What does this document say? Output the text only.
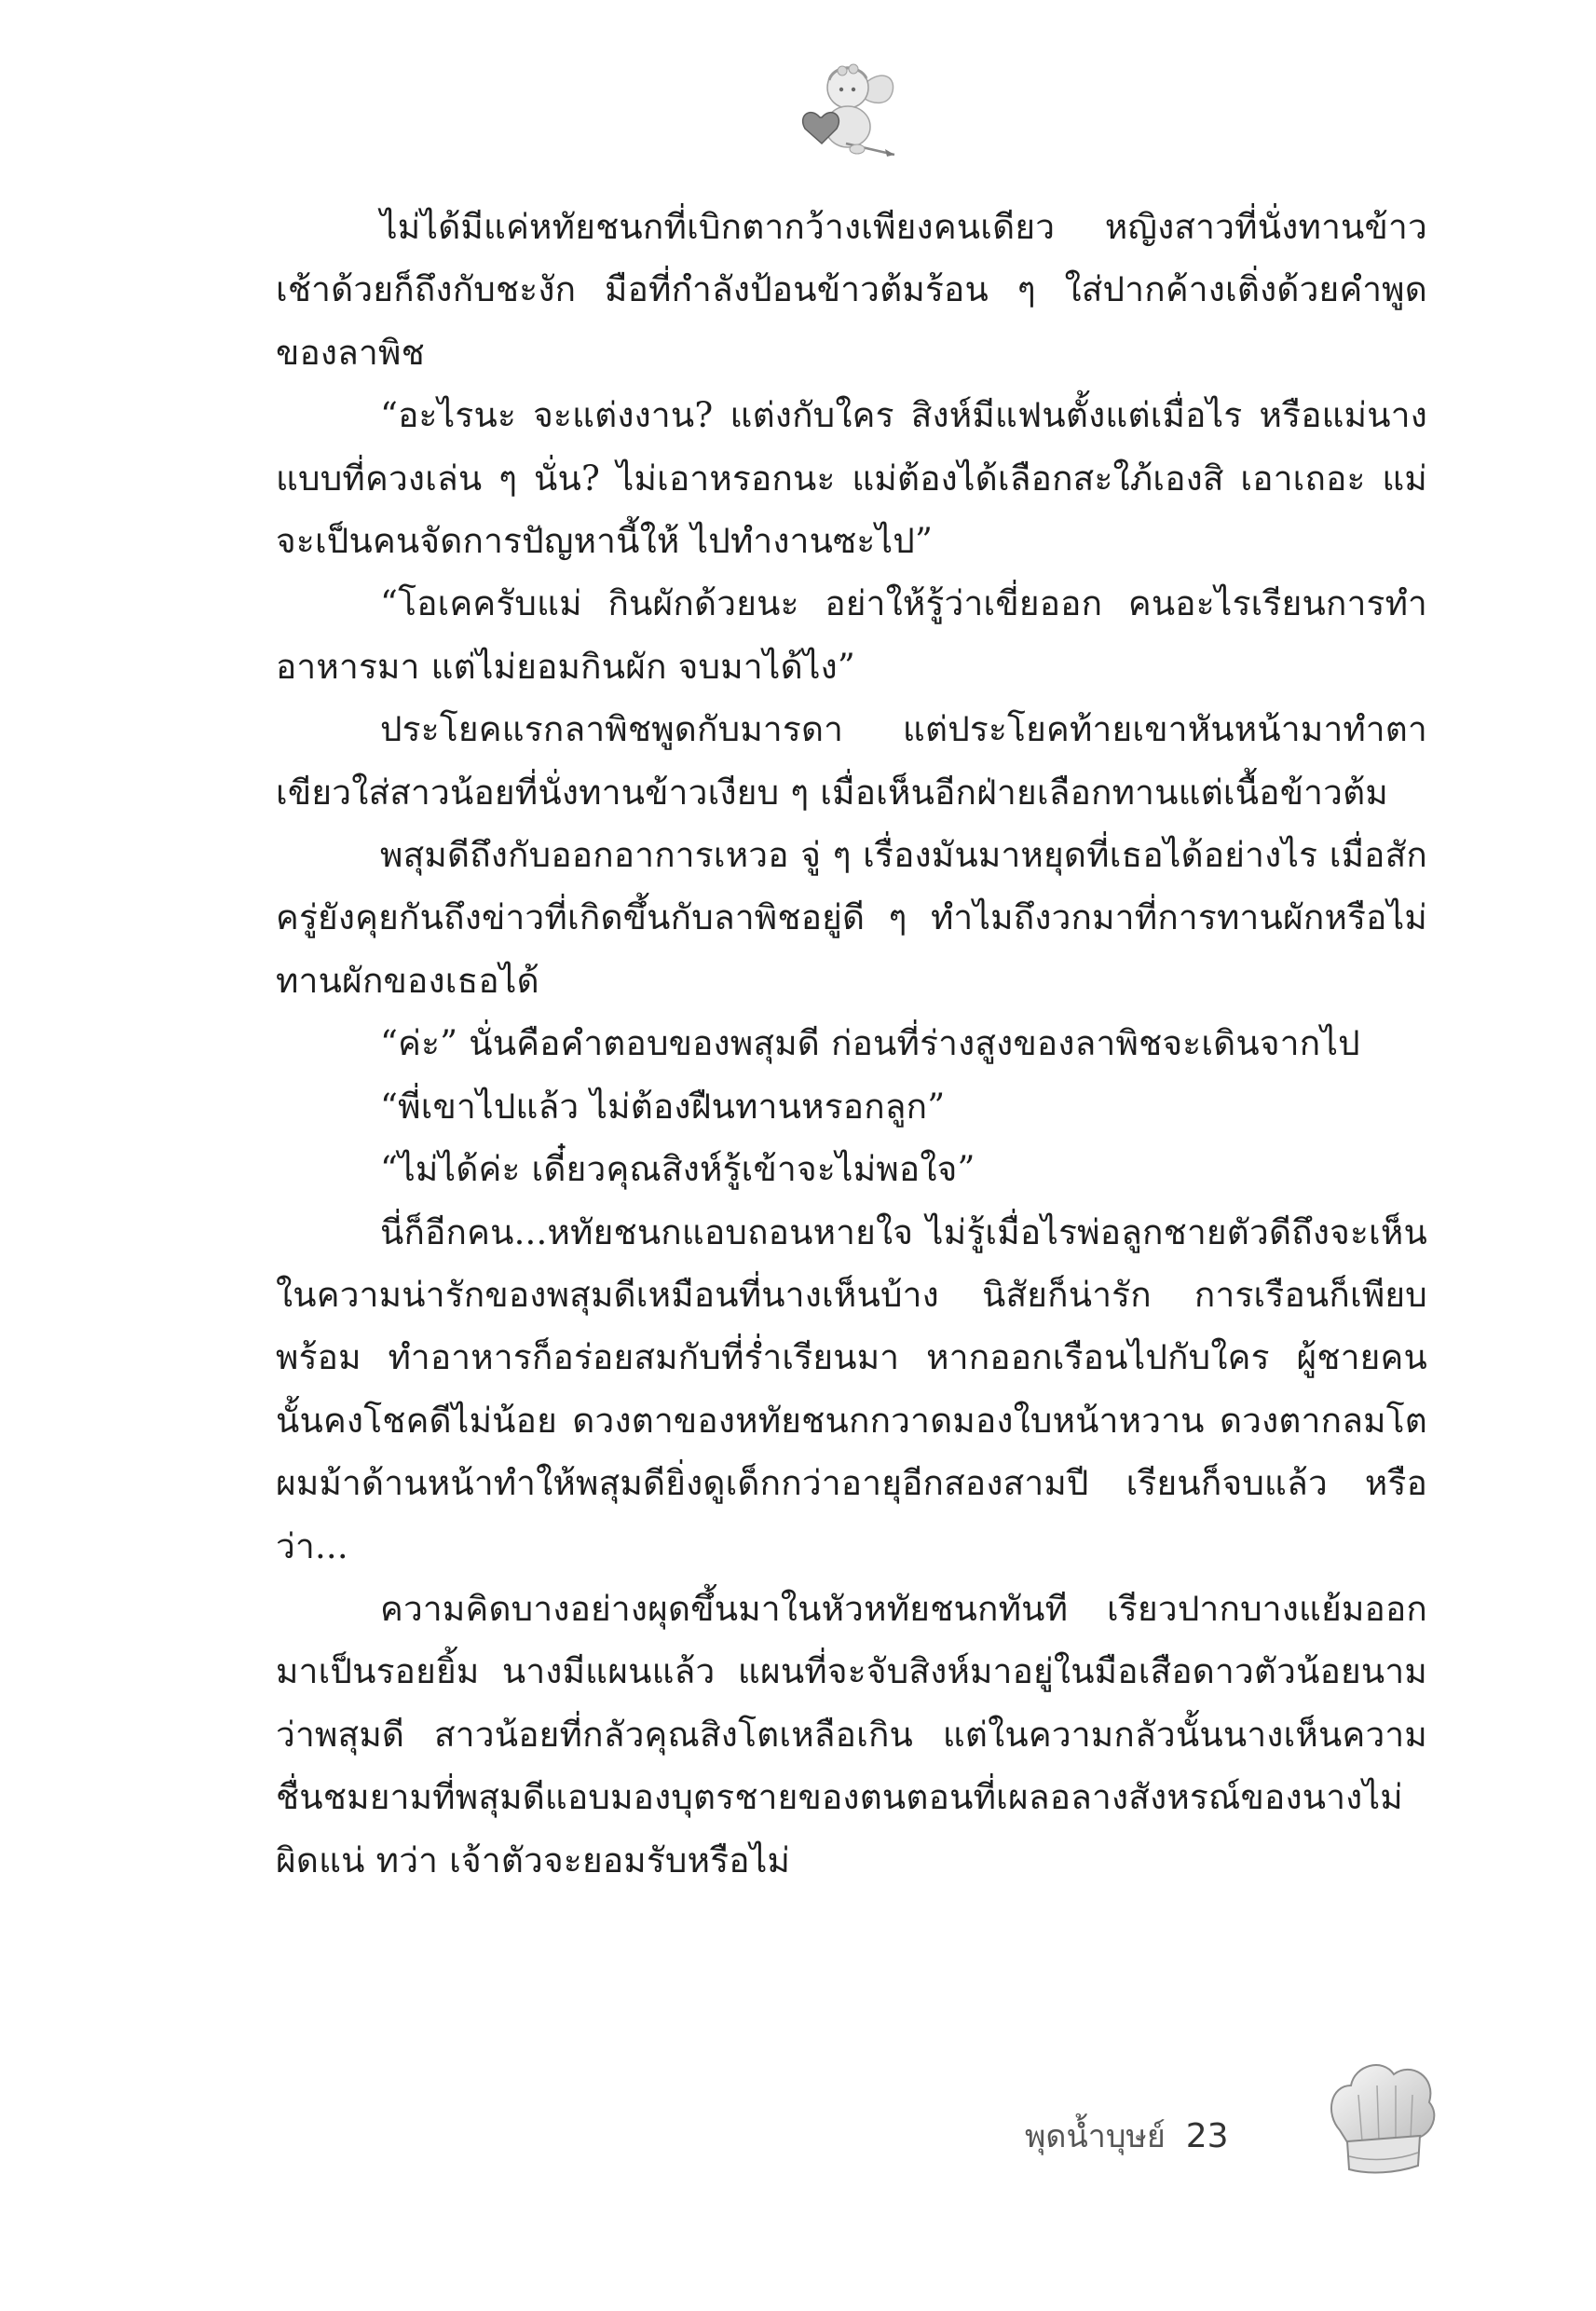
ไม่ได้มีแค่หทัยชนกที่เบิกตากว้างเพียงคนเดียว หญิงสาวที่นั่งทานข้าวเช้าด้วยก็ถึงกับชะงัก มือที่กำลังป้อนข้าวต้มร้อน ๆ ใส่ปากค้างเติ่งด้วยคำพูดของลาพิช

“อะไรนะ จะแต่งงาน? แต่งกับใคร สิงห์มีแฟนตั้งแต่เมื่อไร หรือแม่นางแบบที่ควงเล่น ๆ นั่น? ไม่เอาหรอกนะ แม่ต้องได้เลือกสะใภ้เองสิ เอาเถอะ แม่จะเป็นคนจัดการปัญหานี้ให้ ไปทำงานซะไป”

“โอเคครับแม่ กินผักด้วยนะ อย่าให้รู้ว่าเขี่ยออก คนอะไรเรียนการทำอาหารมา แต่ไม่ยอมกินผัก จบมาได้ไง”

ประโยคแรกลาพิชพูดกับมารดา แต่ประโยคท้ายเขาหันหน้ามาทำตาเขียวใส่สาวน้อยที่นั่งทานข้าวเงียบ ๆ เมื่อเห็นอีกฝ่ายเลือกทานแต่เนื้อข้าวต้ม

พสุมดีถึงกับออกอาการเหวอ จู่ ๆ เรื่องมันมาหยุดที่เธอได้อย่างไร เมื่อสักครู่ยังคุยกันถึงข่าวที่เกิดขึ้นกับลาพิชอยู่ดี ๆ ทำไมถึงวกมาที่การทานผักหรือไม่ทานผักของเธอได้

“ค่ะ” นั่นคือคำตอบของพสุมดี ก่อนที่ร่างสูงของลาพิชจะเดินจากไป

“พี่เขาไปแล้ว ไม่ต้องฝืนทานหรอกลูก”

“ไม่ได้ค่ะ เดี๋ยวคุณสิงห์รู้เข้าจะไม่พอใจ”

นี่ก็อีกคน...หทัยชนกแอบถอนหายใจ ไม่รู้เมื่อไรพ่อลูกชายตัวดีถึงจะเห็นในความน่ารักของพสุมดีเหมือนที่นางเห็นบ้าง นิสัยก็น่ารัก การเรือนก็เพียบพร้อม ทำอาหารก็อร่อยสมกับที่ร่ำเรียนมา หากออกเรือนไปกับใคร ผู้ชายคนนั้นคงโชคดีไม่น้อย ดวงตาของหทัยชนกกวาดมองใบหน้าหวาน ดวงตากลมโต ผมม้าด้านหน้าทำให้พสุมดียิ่งดูเด็กกว่าอายุอีกสองสามปี เรียนก็จบแล้ว หรือว่า...

ความคิดบางอย่างผุดขึ้นมาในหัวหทัยชนกทันที เรียวปากบางแย้มออกมาเป็นรอยยิ้ม นางมีแผนแล้ว แผนที่จะจับสิงห์มาอยู่ในมือเสือดาวตัวน้อยนามว่าพสุมดี สาวน้อยที่กลัวคุณสิงโตเหลือเกิน แต่ในความกลัวนั้นนางเห็นความชื่นชมยามที่พสุมดีแอบมองบุตรชายของตนตอนที่เผลอลางสังหรณ์ของนางไม่ผิดแน่ ทว่า เจ้าตัวจะยอมรับหรือไม่

พุดน้ำบุษย์ 23
